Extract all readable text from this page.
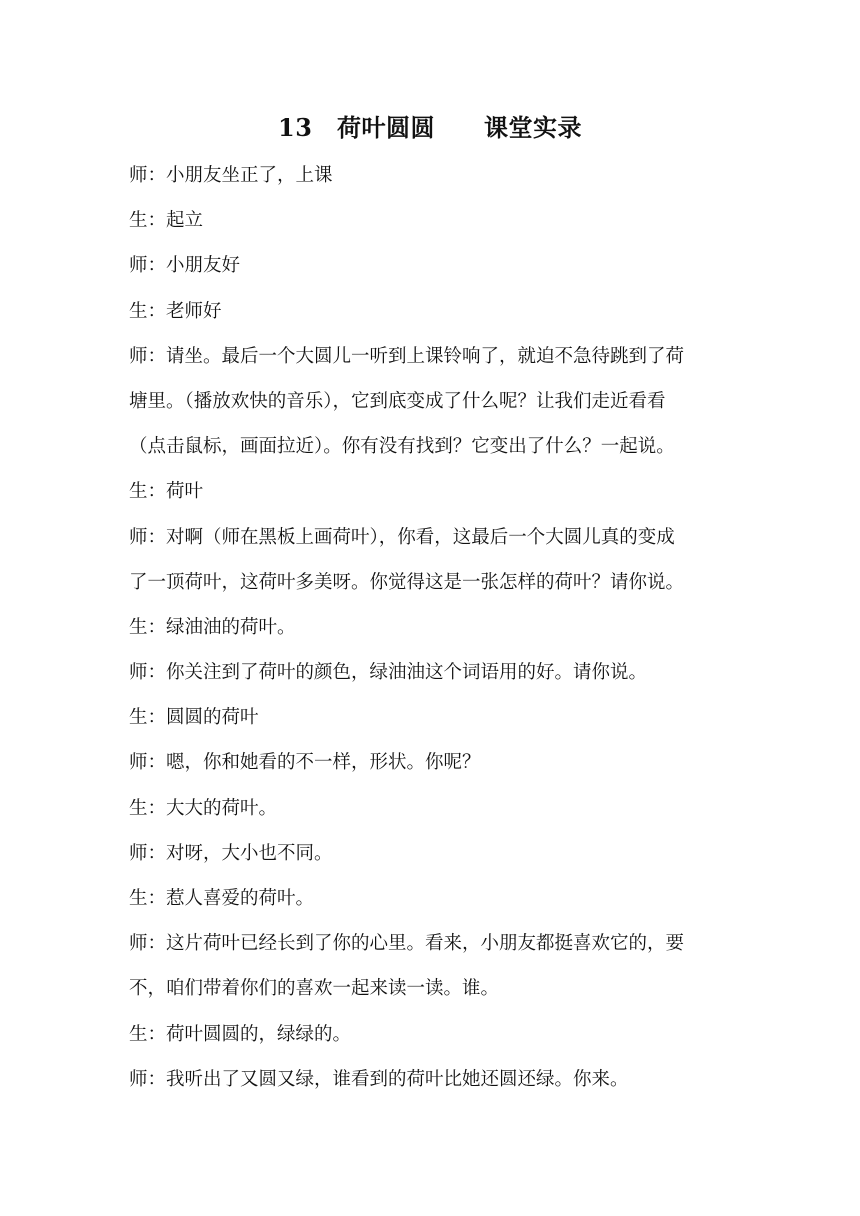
13　荷叶圆圆　　课堂实录
师：小朋友坐正了，上课
生：起立
师：小朋友好
生：老师好
师：请坐。最后一个大圆儿一听到上课铃响了，就迫不急待跳到了荷
塘里。（播放欢快的音乐），它到底变成了什么呢？让我们走近看看
（点击鼠标，画面拉近）。你有没有找到？它变出了什么？一起说。
生：荷叶
师：对啊（师在黑板上画荷叶），你看，这最后一个大圆儿真的变成
了一顶荷叶，这荷叶多美呀。你觉得这是一张怎样的荷叶？请你说。
生：绿油油的荷叶。
师：你关注到了荷叶的颜色，绿油油这个词语用的好。请你说。
生：圆圆的荷叶
师：嗯，你和她看的不一样，形状。你呢？
生：大大的荷叶。
师：对呀，大小也不同。
生：惹人喜爱的荷叶。
师：这片荷叶已经长到了你的心里。看来，小朋友都挺喜欢它的，要
不，咱们带着你们的喜欢一起来读一读。谁。
生：荷叶圆圆的，绿绿的。
师：我听出了又圆又绿，谁看到的荷叶比她还圆还绿。你来。
